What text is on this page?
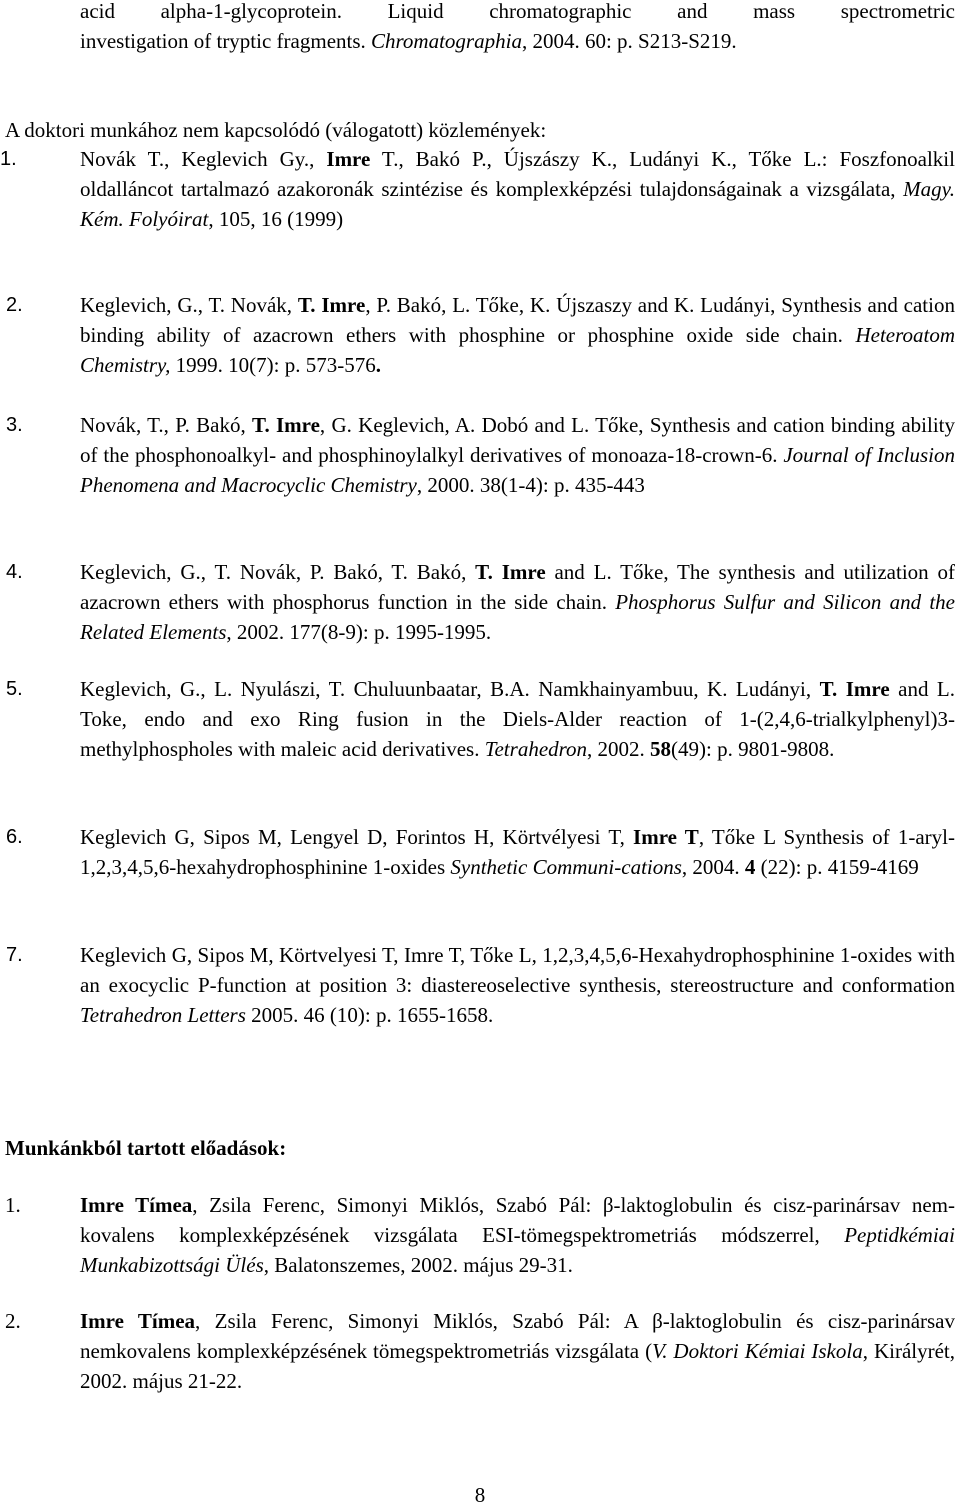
acid alpha-1-glycoprotein. Liquid chromatographic and mass spectrometric
investigation of tryptic fragments. Chromatographia, 2004. 60: p. S213-S219.
A doktori munkához nem kapcsolódó (válogatott) közlemények:
1.	Novák T., Keglevich Gy., Imre T., Bakó P., Újszászy K., Ludányi K., Tőke L.: Foszfonoalkil oldalláncot tartalmazó azakoronák szintézise és komplexképzési tulajdonságainak a vizsgálata, Magy. Kém. Folyóirat, 105, 16 (1999)
2.	Keglevich, G., T. Novák, T. Imre, P. Bakó, L. Tőke, K. Újszaszy and K. Ludányi, Synthesis and cation binding ability of azacrown ethers with phosphine or phosphine oxide side chain. Heteroatom Chemistry, 1999. 10(7): p. 573-576.
3.	Novák, T., P. Bakó, T. Imre, G. Keglevich, A. Dobó and L. Tőke, Synthesis and cation binding ability of the phosphonoalkyl- and phosphinoylalkyl derivatives of monoaza-18-crown-6. Journal of Inclusion Phenomena and Macrocyclic Chemistry, 2000. 38(1-4): p. 435-443
4.	Keglevich, G., T. Novák, P. Bakó, T. Bakó, T. Imre and L. Tőke, The synthesis and utilization of azacrown ethers with phosphorus function in the side chain. Phosphorus Sulfur and Silicon and the Related Elements, 2002. 177(8-9): p. 1995-1995.
5.	Keglevich, G., L. Nyulászi, T. Chuluunbaatar, B.A. Namkhainyambuu, K. Ludányi, T. Imre and L. Toke, endo and exo Ring fusion in the Diels-Alder reaction of 1-(2,4,6-trialkylphenyl)3-methylphospholes with maleic acid derivatives. Tetrahedron, 2002. 58(49): p. 9801-9808.
6.	Keglevich G, Sipos M, Lengyel D, Forintos H, Körtvélyesi T, Imre T, Tőke L Synthesis of 1-aryl-1,2,3,4,5,6-hexahydrophosphinine 1-oxides Synthetic Communi-cations, 2004. 4 (22): p. 4159-4169
7.	Keglevich G, Sipos M, Körtvelyesi T, Imre T, Tőke L, 1,2,3,4,5,6-Hexahydrophosphinine 1-oxides with an exocyclic P-function at position 3: diastereoselective synthesis, stereostructure and conformation Tetrahedron Letters 2005. 46 (10): p. 1655-1658.
Munkánkból tartott előadások:
1.	Imre Tímea, Zsila Ferenc, Simonyi Miklós, Szabó Pál: β-laktoglobulin és cisz-parinársav nem-kovalens komplexképzésének vizsgálata ESI-tömegspektrometriás módszerrel, Peptidkémiai Munkabizottsági Ülés, Balatonszemes, 2002. május 29-31.
2.	Imre Tímea, Zsila Ferenc, Simonyi Miklós, Szabó Pál: A β-laktoglobulin és cisz-parinársav nemkovalens komplexképzésének tömegspektrometriás vizsgálata (V. Doktori Kémiai Iskola, Királyrét, 2002. május 21-22.
8
